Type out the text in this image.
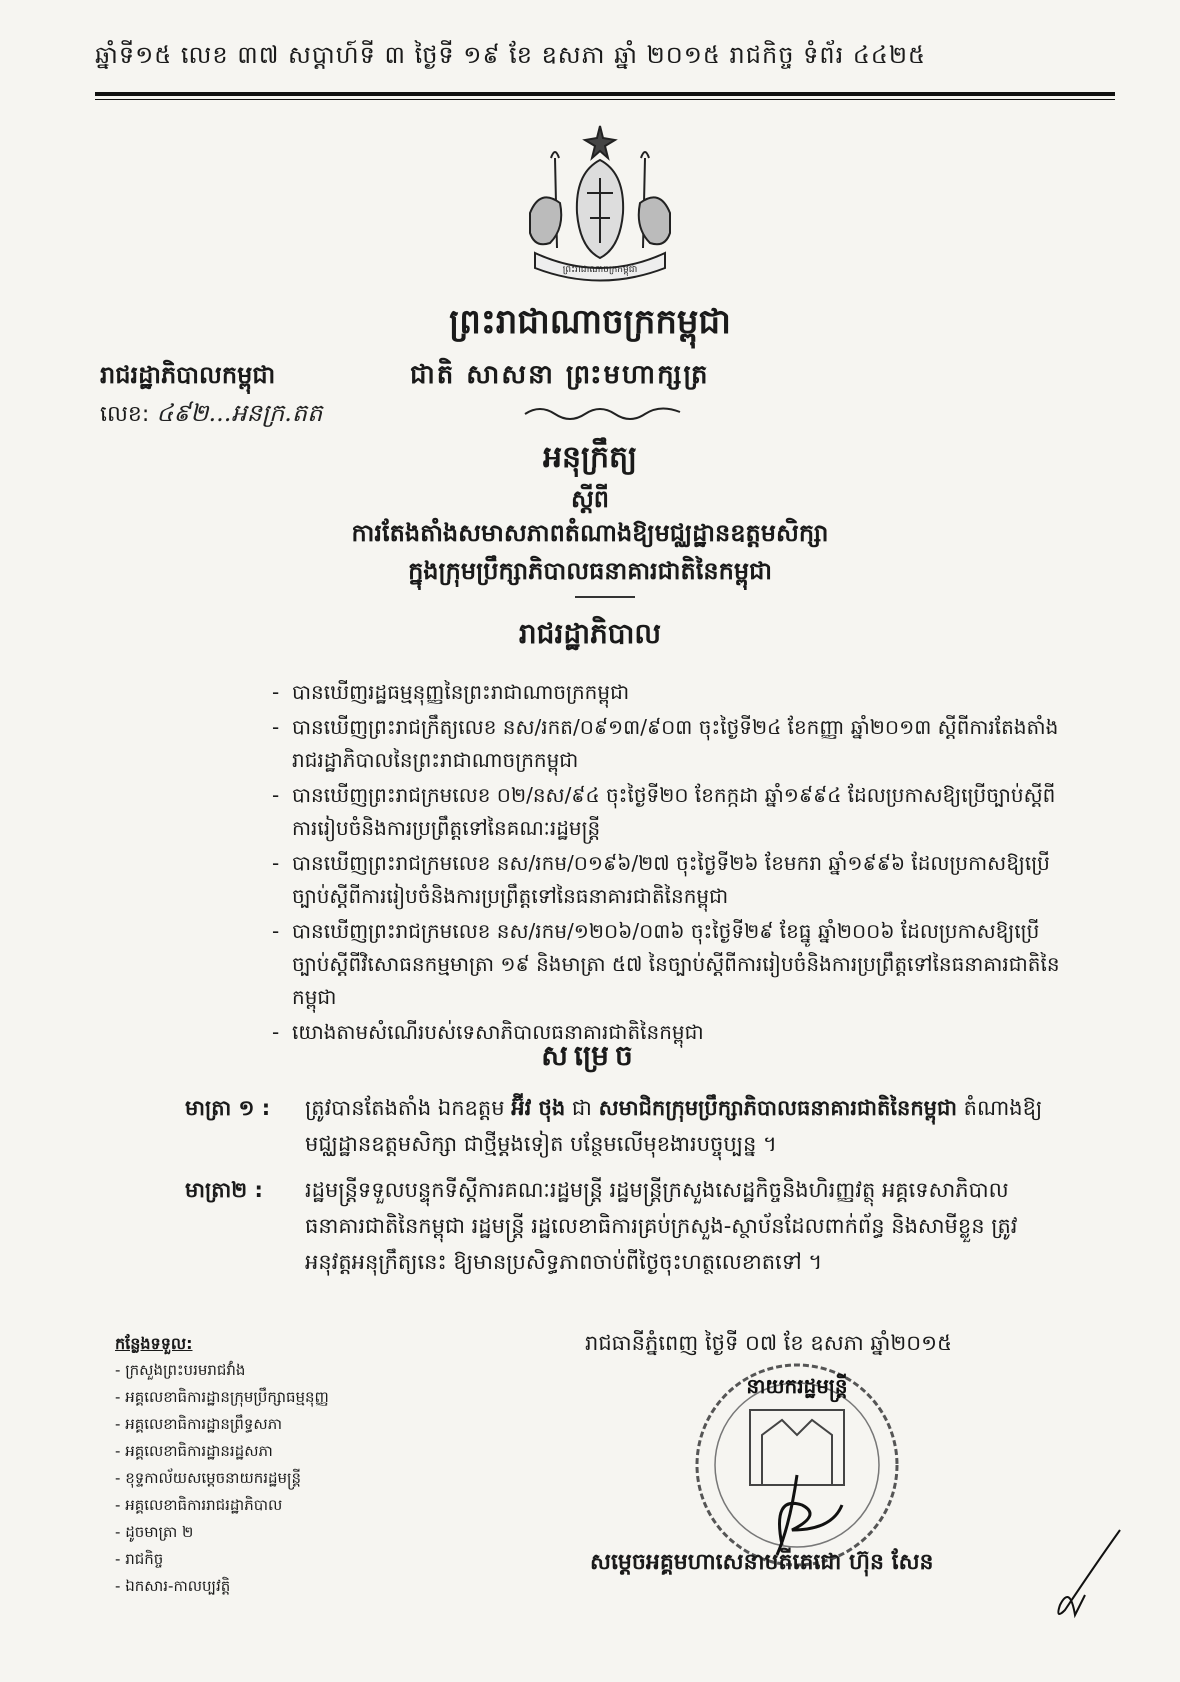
ឆ្នាំទី១៥ លេខ ៣៧ សប្តាហ៍ទី ៣ ថ្ងៃទី ១៩ ខែ ឧសភា ឆ្នាំ ២០១៥ រាជកិច្ច ទំព័រ ៤៤២៥
ព្រះរាជាណាចក្រកម្ពុជា
ព្រះរាជាណាចក្រកម្ពុជា
រាជរដ្ឋាភិបាលកម្ពុជា	ជាតិ សាសនា ព្រះមហាក្សត្រ
លេខ: ៤៩២...អនក្រ.តត
អនុក្រឹត្យ
ស្តីពី
ការតែងតាំងសមាសភាពតំណាងឱ្យមជ្ឈដ្ឋានឧត្តមសិក្សា
ក្នុងក្រុមប្រឹក្សាភិបាលធនាគារជាតិនៃកម្ពុជា
រាជរដ្ឋាភិបាល
- បានឃើញរដ្ឋធម្មនុញ្ញនៃព្រះរាជាណាចក្រកម្ពុជា
- បានឃើញព្រះរាជក្រឹត្យលេខ នស/រកត/០៩១៣/៩០៣ ចុះថ្ងៃទី២៤ ខែកញ្ញា ឆ្នាំ២០១៣ ស្តីពីការតែងតាំងរាជរដ្ឋាភិបាលនៃព្រះរាជាណាចក្រកម្ពុជា
- បានឃើញព្រះរាជក្រមលេខ ០២/នស/៩៤ ចុះថ្ងៃទី២០ ខែកក្កដា ឆ្នាំ១៩៩៤ ដែលប្រកាសឱ្យប្រើច្បាប់ស្តីពីការរៀបចំនិងការប្រព្រឹត្តទៅនៃគណៈរដ្ឋមន្ត្រី
- បានឃើញព្រះរាជក្រមលេខ នស/រកម/០១៩៦/២៧ ចុះថ្ងៃទី២៦ ខែមករា ឆ្នាំ១៩៩៦ ដែលប្រកាសឱ្យប្រើច្បាប់ស្តីពីការរៀបចំនិងការប្រព្រឹត្តទៅនៃធនាគារជាតិនៃកម្ពុជា
- បានឃើញព្រះរាជក្រមលេខ នស/រកម/១២០៦/០៣៦ ចុះថ្ងៃទី២៩ ខែធ្នូ ឆ្នាំ២០០៦ ដែលប្រកាសឱ្យប្រើច្បាប់ស្តីពីវិសោធនកម្មមាត្រា ១៩ និងមាត្រា ៥៧ នៃច្បាប់ស្តីពីការរៀបចំនិងការប្រព្រឹត្តទៅនៃធនាគារជាតិនៃកម្ពុជា
- យោងតាមសំណើរបស់ទេសាភិបាលធនាគារជាតិនៃកម្ពុជា
សម្រេច
មាត្រា ១ : ត្រូវបានតែងតាំង ឯកឧត្តម អ៊ីវ ថុង ជា សមាជិកក្រុមប្រឹក្សាភិបាលធនាគារជាតិនៃកម្ពុជា តំណាងឱ្យមជ្ឈដ្ឋានឧត្តមសិក្សា ជាថ្មីម្តងទៀត បន្ថែមលើមុខងារបច្ចុប្បន្ន ។
មាត្រា២ : រដ្ឋមន្ត្រីទទួលបន្ទុកទីស្តីការគណៈរដ្ឋមន្ត្រី រដ្ឋមន្ត្រីក្រសួងសេដ្ឋកិច្ចនិងហិរញ្ញវត្ថុ អគ្គទេសាភិបាលធនាគារជាតិនៃកម្ពុជា រដ្ឋមន្ត្រី រដ្ឋលេខាធិការគ្រប់ក្រសួង-ស្ថាប័នដែលពាក់ព័ន្ធ និងសាមីខ្លួន ត្រូវអនុវត្តអនុក្រឹត្យនេះ ឱ្យមានប្រសិទ្ធភាពចាប់ពីថ្ងៃចុះហត្ថលេខាតទៅ ។
កន្លែងទទួល:
- ក្រសួងព្រះបរមរាជវាំង
- អគ្គលេខាធិការដ្ឋានក្រុមប្រឹក្សាធម្មនុញ្ញ
- អគ្គលេខាធិការដ្ឋានព្រឹទ្ធសភា
- អគ្គលេខាធិការដ្ឋានរដ្ឋសភា
- ខុទ្ទកាល័យសម្តេចនាយករដ្ឋមន្ត្រី
- អគ្គលេខាធិការរាជរដ្ឋាភិបាល
- ដូចមាត្រា ២
- រាជកិច្ច
- ឯកសារ-កាលប្បវត្តិ
រាជធានីភ្នំពេញ ថ្ងៃទី ០៧ ខែ ឧសភា ឆ្នាំ២០១៥
នាយករដ្ឋមន្ត្រី
សម្តេចអគ្គមហាសេនាបតីតេជោ ហ៊ុន សែន
